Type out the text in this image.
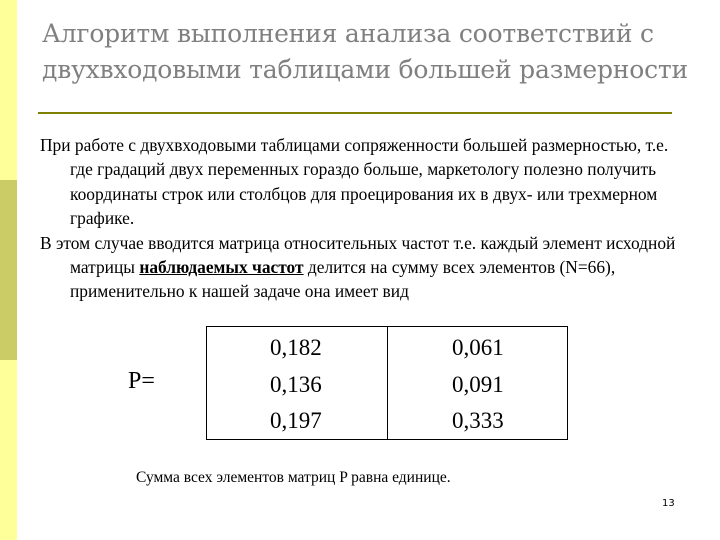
Алгоритм выполнения анализа соответствий с
двухвходовыми таблицами большей размерности

При работе с двухвходовыми таблицами сопряженности большей размерностью, т.е. где градаций двух переменных гораздо больше, маркетологу полезно получить координаты строк или столбцов для проецирования их в двух- или трехмерном графике.

В этом случае вводится матрица относительных частот т.е. каждый элемент исходной матрицы наблюдаемых частот делится на сумму всех элементов (N=66), применительно к нашей задаче она имеет вид

P=
0,182
0,136
0,197
0,061
0,091
0,333
Сумма всех элементов матриц P равна единице.
13
